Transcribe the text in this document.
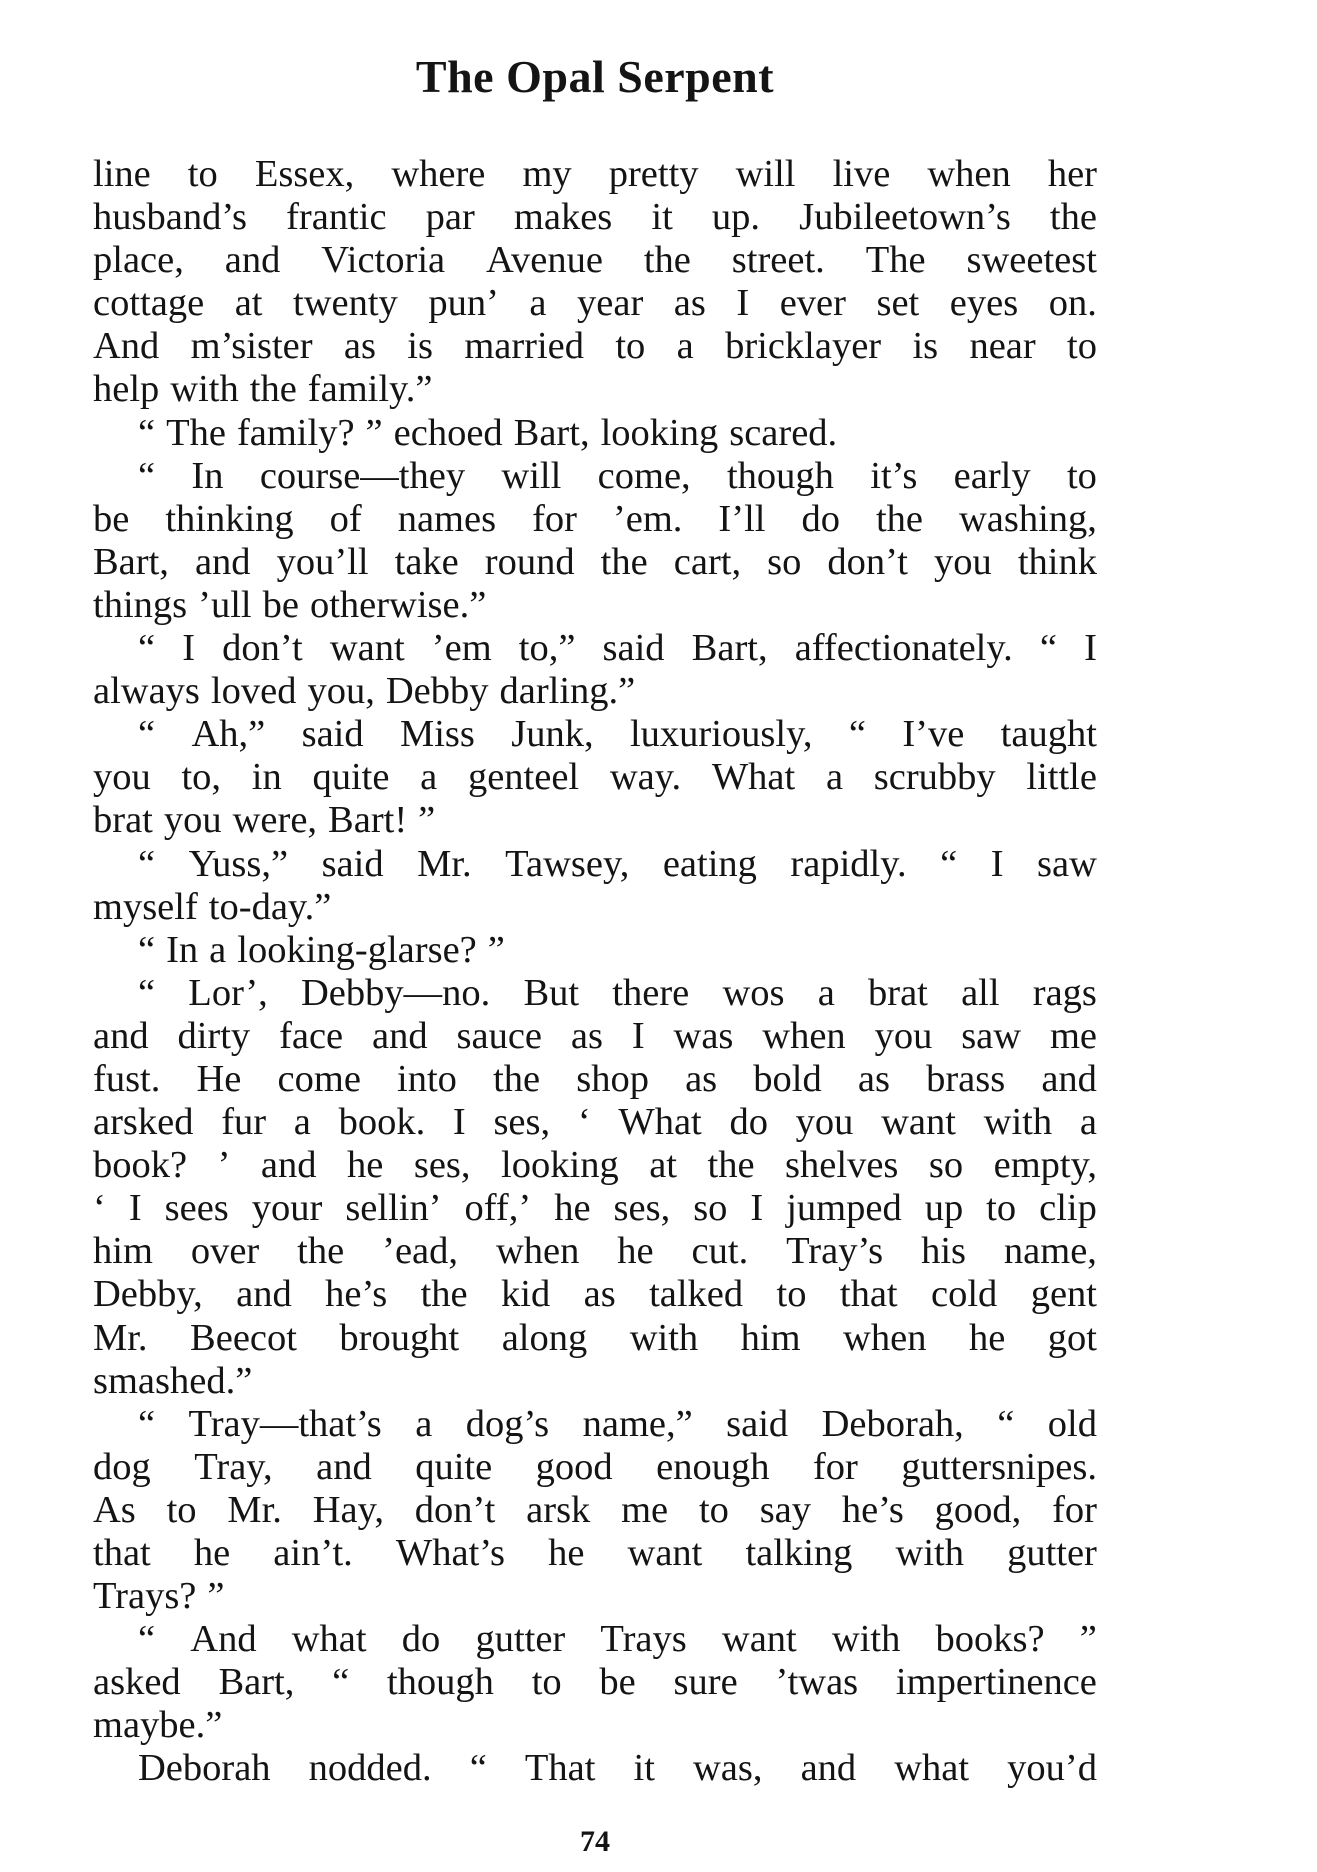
The Opal Serpent
line to Essex, where my pretty will live when her
husband’s frantic par makes it up. Jubileetown’s the
place, and Victoria Avenue the street. The sweetest
cottage at twenty pun’ a year as I ever set eyes on.
And m’sister as is married to a bricklayer is near to
help with the family.”
“ The family? ” echoed Bart, looking scared.
“ In course—they will come, though it’s early to
be thinking of names for ’em. I’ll do the washing,
Bart, and you’ll take round the cart, so don’t you think
things ’ull be otherwise.”
“ I don’t want ’em to,” said Bart, affectionately. “ I
always loved you, Debby darling.”
“ Ah,” said Miss Junk, luxuriously, “ I’ve taught
you to, in quite a genteel way. What a scrubby little
brat you were, Bart! ”
“ Yuss,” said Mr. Tawsey, eating rapidly. “ I saw
myself to-day.”
“ In a looking-glarse? ”
“ Lor’, Debby—no. But there wos a brat all rags
and dirty face and sauce as I was when you saw me
fust. He come into the shop as bold as brass and
arsked fur a book. I ses, ‘ What do you want with a
book? ’ and he ses, looking at the shelves so empty,
‘ I sees your sellin’ off,’ he ses, so I jumped up to clip
him over the ’ead, when he cut. Tray’s his name,
Debby, and he’s the kid as talked to that cold gent
Mr. Beecot brought along with him when he got
smashed.”
“ Tray—that’s a dog’s name,” said Deborah, “ old
dog Tray, and quite good enough for guttersnipes.
As to Mr. Hay, don’t arsk me to say he’s good, for
that he ain’t. What’s he want talking with gutter
Trays? ”
“ And what do gutter Trays want with books? ”
asked Bart, “ though to be sure ’twas impertinence
maybe.”
Deborah nodded. “ That it was, and what you’d
74
